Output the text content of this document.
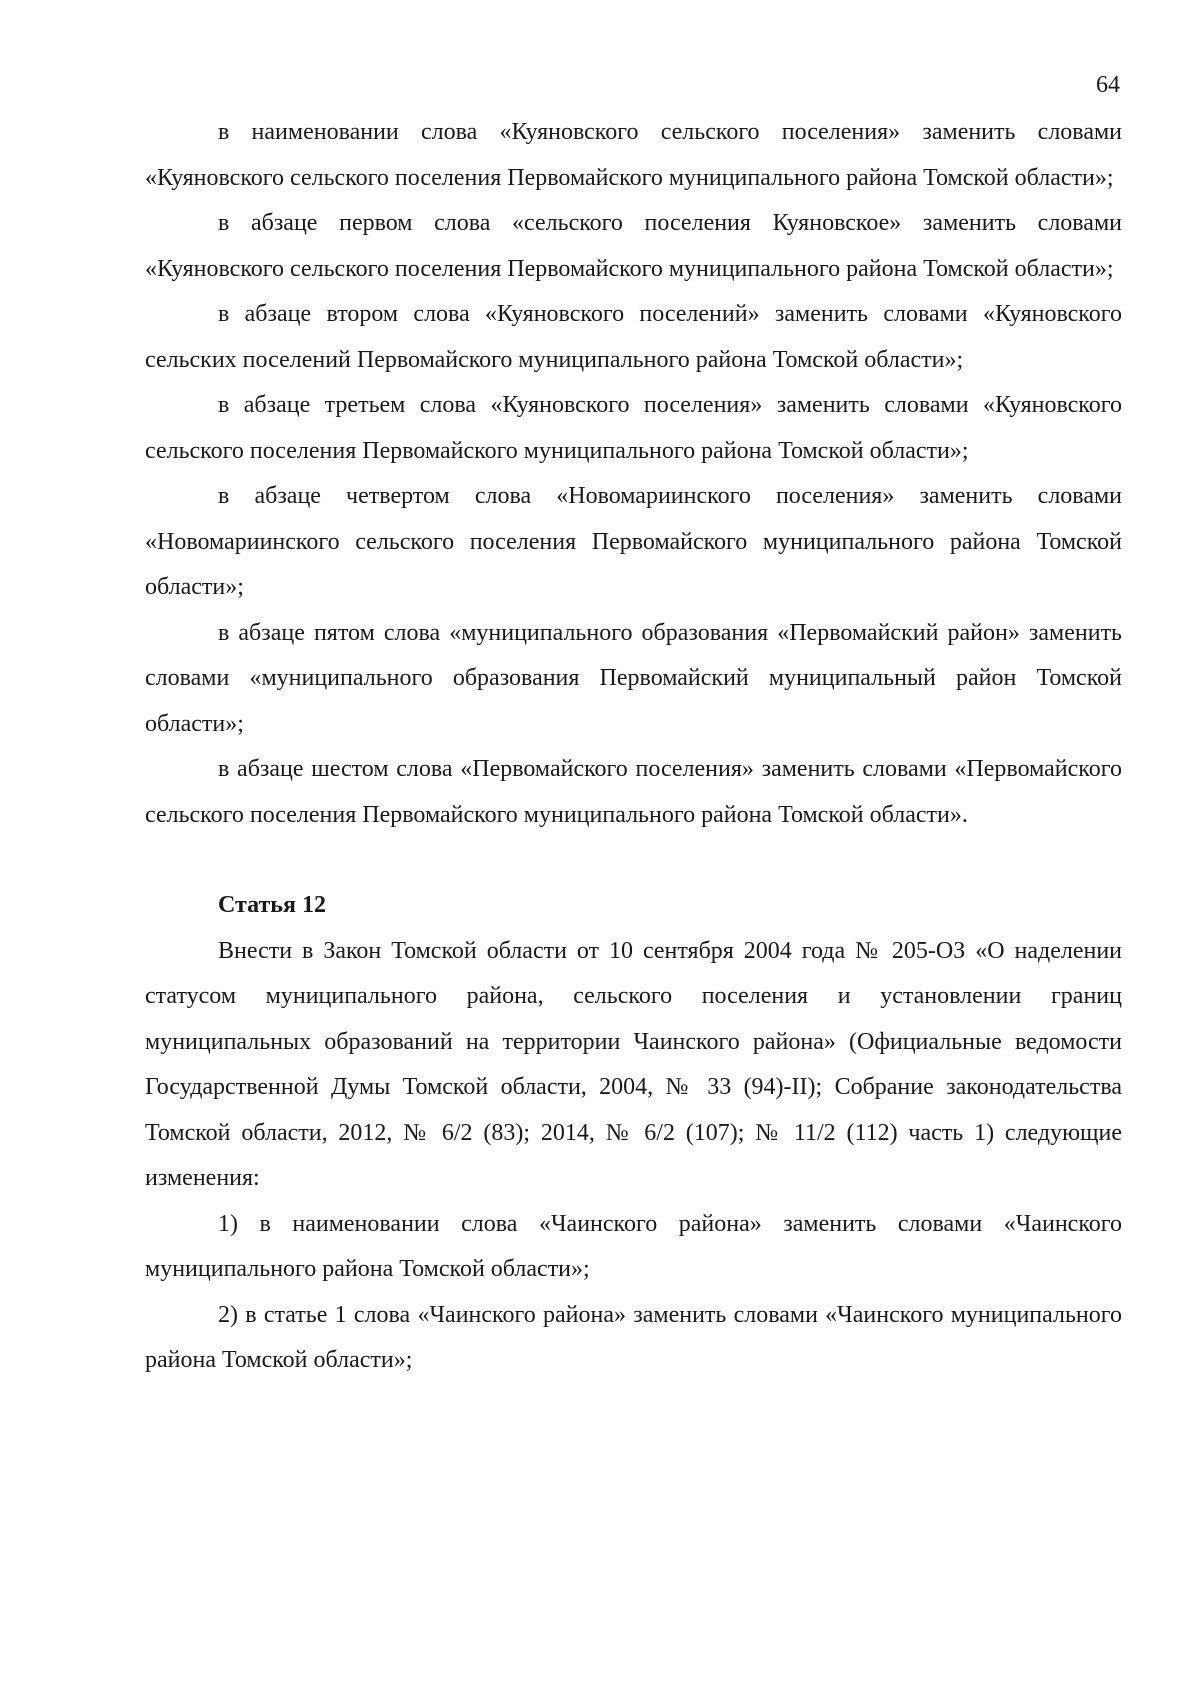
64

в наименовании слова «Куяновского сельского поселения» заменить словами «Куяновского сельского поселения Первомайского муниципального района Томской области»;

в абзаце первом слова «сельского поселения Куяновское» заменить словами «Куяновского сельского поселения Первомайского муниципального района Томской области»;

в абзаце втором слова «Куяновского поселений» заменить словами «Куяновского сельских поселений Первомайского муниципального района Томской области»;

в абзаце третьем слова «Куяновского поселения» заменить словами «Куяновского сельского поселения Первомайского муниципального района Томской области»;

в абзаце четвертом слова «Новомариинского поселения» заменить словами «Новомариинского сельского поселения Первомайского муниципального района Томской области»;

в абзаце пятом слова «муниципального образования «Первомайский район» заменить словами «муниципального образования Первомайский муниципальный район Томской области»;

в абзаце шестом слова «Первомайского поселения» заменить словами «Первомайского сельского поселения Первомайского муниципального района Томской области».

Статья 12

Внести в Закон Томской области от 10 сентября 2004 года № 205-ОЗ «О наделении статусом муниципального района, сельского поселения и установлении границ муниципальных образований на территории Чаинского района» (Официальные ведомости Государственной Думы Томской области, 2004, № 33 (94)-II); Собрание законодательства Томской области, 2012, № 6/2 (83); 2014, № 6/2 (107); № 11/2 (112) часть 1) следующие изменения:

1) в наименовании слова «Чаинского района» заменить словами «Чаинского муниципального района Томской области»;

2) в статье 1 слова «Чаинского района» заменить словами «Чаинского муниципального района Томской области»;
